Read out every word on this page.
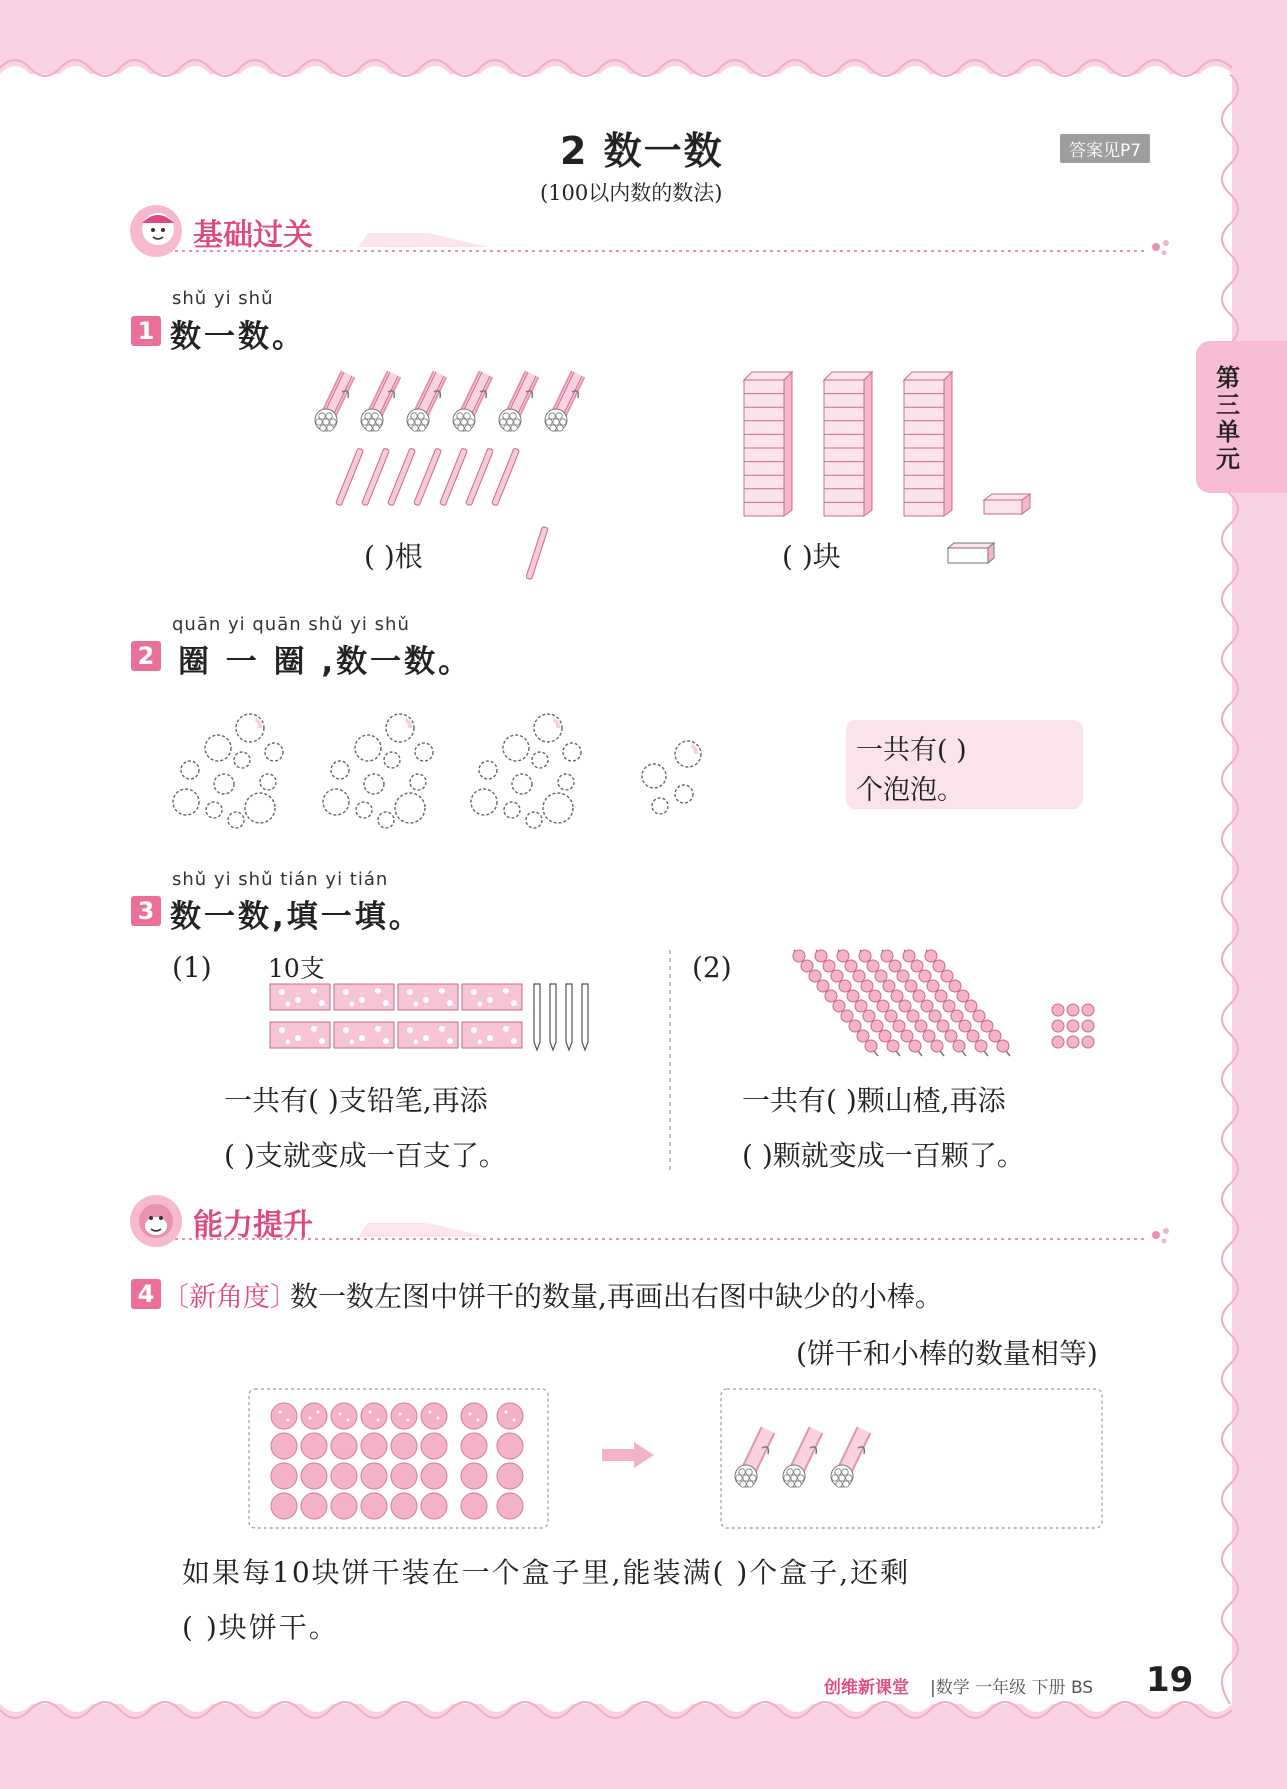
第三单元
2 数一数
(100以内数的数法)
答案见P7
基础过关
shǔ yi shǔ
1 数一数。
( )根	( )块
quān yi quān shǔ yi shǔ
2 圈 一 圈 ,数一数。
一共有( )
个泡泡。
shǔ yi shǔ tián yi tián
3 数一数,填一填。
(1) 10支
一共有( )支铅笔,再添
( )支就变成一百支了。
(2)
一共有( )颗山楂,再添
( )颗就变成一百颗了。
能力提升
4 〔新角度〕
数一数左图中饼干的数量,再画出右图中缺少的小棒。
(饼干和小棒的数量相等)
如果每10块饼干装在一个盒子里,能装满( )个盒子,还剩
( )块饼干。
创维新课堂 |数学 一年级 下册 BS 19
